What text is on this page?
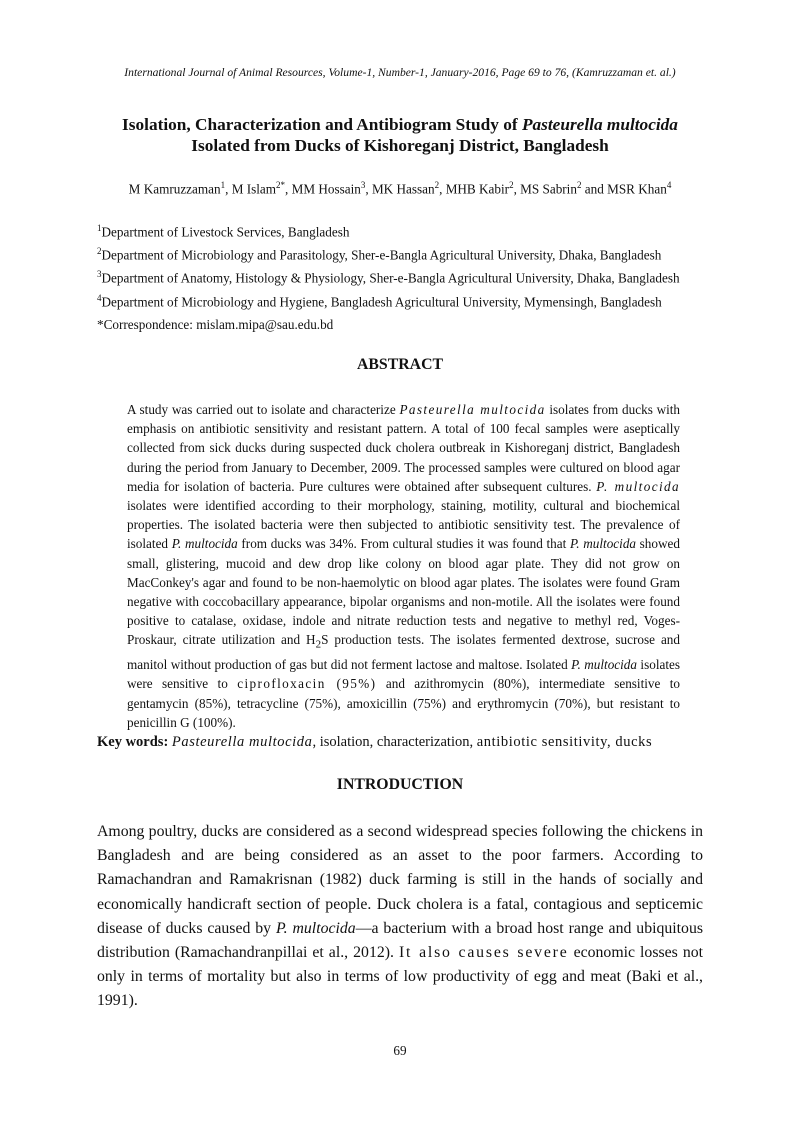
International Journal of Animal Resources, Volume-1, Number-1, January-2016, Page 69 to 76, (Kamruzzaman et. al.)
Isolation, Characterization and Antibiogram Study of Pasteurella multocida
Isolated from Ducks of Kishoreganj District, Bangladesh
M Kamruzzaman$^1$, M Islam$^{2*}$, MM Hossain$^3$, MK Hassan$^2$, MHB Kabir$^2$, MS Sabrin$^2$ and MSR Khan$^4$
$^1$Department of Livestock Services, Bangladesh
$^2$Department of Microbiology and Parasitology, Sher-e-Bangla Agricultural University, Dhaka, Bangladesh
$^3$Department of Anatomy, Histology & Physiology, Sher-e-Bangla Agricultural University, Dhaka, Bangladesh
$^4$Department of Microbiology and Hygiene, Bangladesh Agricultural University, Mymensingh, Bangladesh
*Correspondence: mislam.mipa@sau.edu.bd
ABSTRACT

A study was carried out to isolate and characterize Pasteurella multocida isolates from ducks with emphasis on antibiotic sensitivity and resistant pattern. A total of 100 fecal samples were aseptically collected from sick ducks during suspected duck cholera outbreak in Kishoreganj district, Bangladesh during the period from January to December, 2009. The processed samples were cultured on blood agar media for isolation of bacteria. Pure cultures were obtained after subsequent cultures. P. multocida isolates were identified according to their morphology, staining, motility, cultural and biochemical properties. The isolated bacteria were then subjected to antibiotic sensitivity test. The prevalence of isolated P. multocida from ducks was 34%. From cultural studies it was found that P. multocida showed small, glistering, mucoid and dew drop like colony on blood agar plate. They did not grow on MacConkey's agar and found to be non-haemolytic on blood agar plates. The isolates were found Gram negative with coccobacillary appearance, bipolar organisms and non-motile. All the isolates were found positive to catalase, oxidase, indole and nitrate reduction tests and negative to methyl red, Voges-Proskaur, citrate utilization and $H_2S$ production tests. The isolates fermented dextrose, sucrose and manitol without production of gas but did not ferment lactose and maltose. Isolated P. multocida isolates were sensitive to ciprofloxacin (95%) and azithromycin (80%), intermediate sensitive to gentamycin (85%), tetracycline (75%), amoxicillin (75%) and erythromycin (70%), but resistant to penicillin G (100%).

Key words: Pasteurella multocida, isolation, characterization, antibiotic sensitivity, ducks
INTRODUCTION

Among poultry, ducks are considered as a second widespread species following the chickens in Bangladesh and are being considered as an asset to the poor farmers. According to Ramachandran and Ramakrisnan (1982) duck farming is still in the hands of socially and economically handicraft section of people. Duck cholera is a fatal, contagious and septicemic disease of ducks caused by P. multocida—a bacterium with a broad host range and ubiquitous distribution (Ramachandranpillai et al., 2012). It also causes severe economic losses not only in terms of mortality but also in terms of low productivity of egg and meat (Baki et al., 1991).

69
